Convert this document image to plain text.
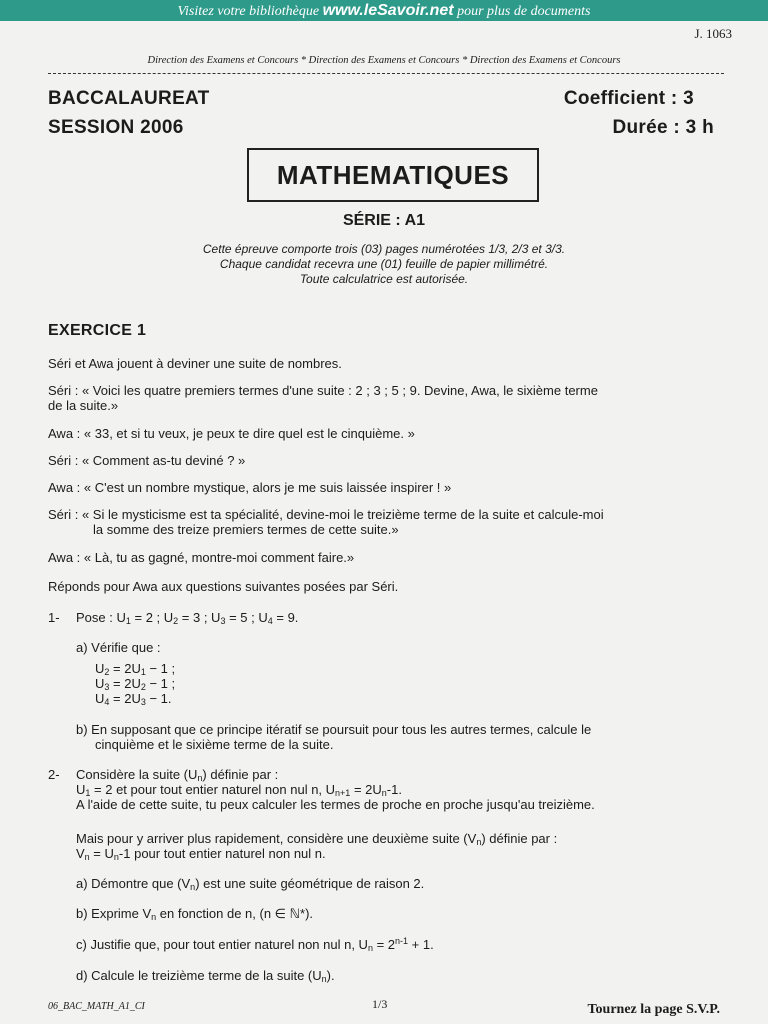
Visitez votre bibliothèque www.leSavoir.net pour plus de documents
J. 1063
Direction des Examens et Concours * Direction des Examens et Concours * Direction des Examens et Concours
BACCALAUREAT
SESSION 2006
Coefficient : 3
Durée : 3 h
MATHEMATIQUES
SÉRIE : A1
Cette épreuve comporte trois (03) pages numérotées 1/3, 2/3 et 3/3.
Chaque candidat recevra une (01) feuille de papier millimétré.
Toute calculatrice est autorisée.
EXERCICE 1
Séri et Awa jouent à deviner une suite de nombres.
Séri : « Voici les quatre premiers termes d'une suite : 2 ; 3 ; 5 ; 9. Devine, Awa, le sixième terme
de la suite.»
Awa : « 33, et si tu veux, je peux te dire quel est le cinquième. »
Séri : « Comment as-tu deviné ? »
Awa : « C'est un nombre mystique, alors je me suis laissée inspirer ! »
Séri : « Si le mysticisme est ta spécialité, devine-moi le treizième terme de la suite et calcule-moi
la somme des treize premiers termes de cette suite.»
Awa : « Là, tu as gagné, montre-moi comment faire.»
Réponds pour Awa aux questions suivantes posées par Séri.
1- Pose : $U_1 = 2$ ; $U_2 = 3$ ; $U_3 = 5$ ; $U_4 = 9$.
a) Vérifie que :
$U_2 = 2U_1 - 1$ ;
$U_3 = 2U_2 - 1$ ;
$U_4 = 2U_3 - 1$.
b) En supposant que ce principe itératif se poursuit pour tous les autres termes, calcule le
cinquième et le sixième terme de la suite.
2- Considère la suite $(U_n)$ définie par :
$U_1 = 2$ et pour tout entier naturel non nul n, $U_{n+1} = 2U_n-1$.
A l'aide de cette suite, tu peux calculer les termes de proche en proche jusqu'au treizième.
Mais pour y arriver plus rapidement, considère une deuxième suite $(V_n)$ définie par :
$V_n = U_n-1$ pour tout entier naturel non nul n.
a) Démontre que $(V_n)$ est une suite géométrique de raison 2.
b) Exprime $V_n$ en fonction de n, (n ∈ ℕ*).
c) Justifie que, pour tout entier naturel non nul n, $U_n = 2^{n-1} + 1$.
d) Calcule le treizième terme de la suite $(U_n)$.
06_BAC_MATH_A1_CI	1/3	Tournez la page S.V.P.
